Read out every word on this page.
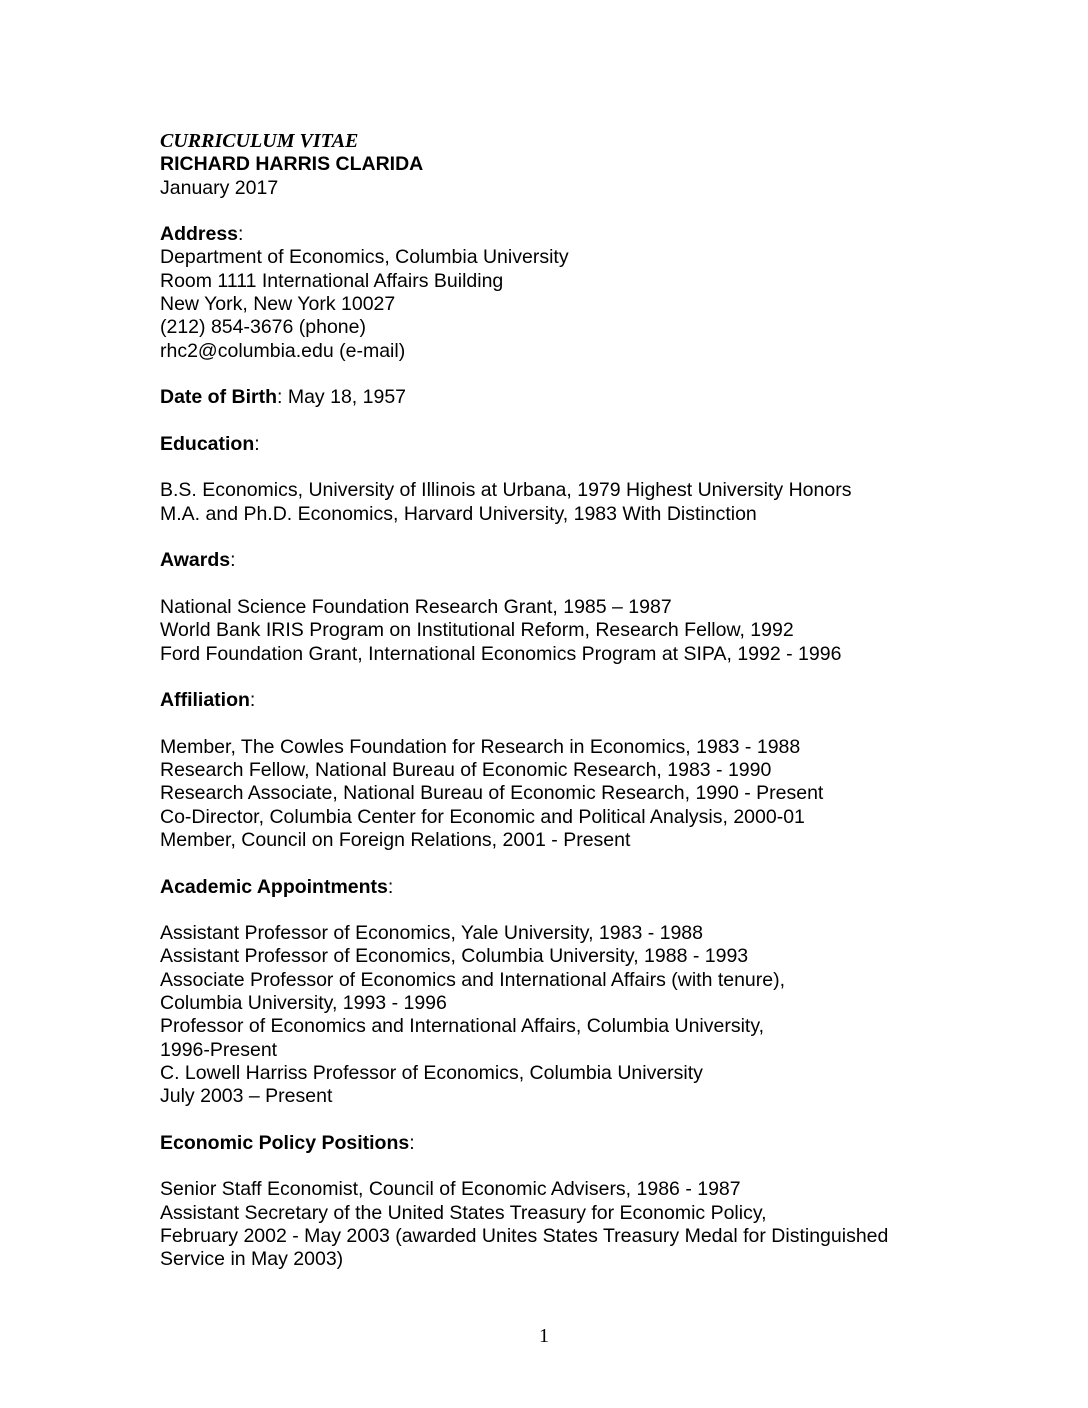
CURRICULUM VITAE
RICHARD HARRIS CLARIDA
January 2017
Address:
Department of Economics, Columbia University
Room 1111 International Affairs Building
New York, New York 10027
(212) 854-3676 (phone)
rhc2@columbia.edu (e-mail)
Date of Birth: May 18, 1957
Education:
B.S. Economics, University of Illinois at Urbana, 1979 Highest University Honors
M.A. and Ph.D. Economics, Harvard University, 1983 With Distinction
Awards:
National Science Foundation Research Grant, 1985 – 1987
World Bank IRIS Program on Institutional Reform, Research Fellow, 1992
Ford Foundation Grant, International Economics Program at SIPA, 1992 - 1996
Affiliation:
Member, The Cowles Foundation for Research in Economics, 1983 - 1988
Research Fellow, National Bureau of Economic Research, 1983 - 1990
Research Associate, National Bureau of Economic Research, 1990 - Present
Co-Director, Columbia Center for Economic and Political Analysis, 2000-01
Member, Council on Foreign Relations, 2001 - Present
Academic Appointments:
Assistant Professor of Economics, Yale University, 1983 - 1988
Assistant Professor of Economics, Columbia University, 1988 - 1993
Associate Professor of Economics and International Affairs (with tenure),
Columbia University, 1993 - 1996
Professor of Economics and International Affairs, Columbia University,
1996-Present
C. Lowell Harriss Professor of Economics, Columbia University
July 2003 – Present
Economic Policy Positions:
Senior Staff Economist, Council of Economic Advisers, 1986 - 1987
Assistant Secretary of the United States Treasury for Economic Policy,
February 2002 - May 2003 (awarded Unites States Treasury Medal for Distinguished
Service in May 2003)
1
